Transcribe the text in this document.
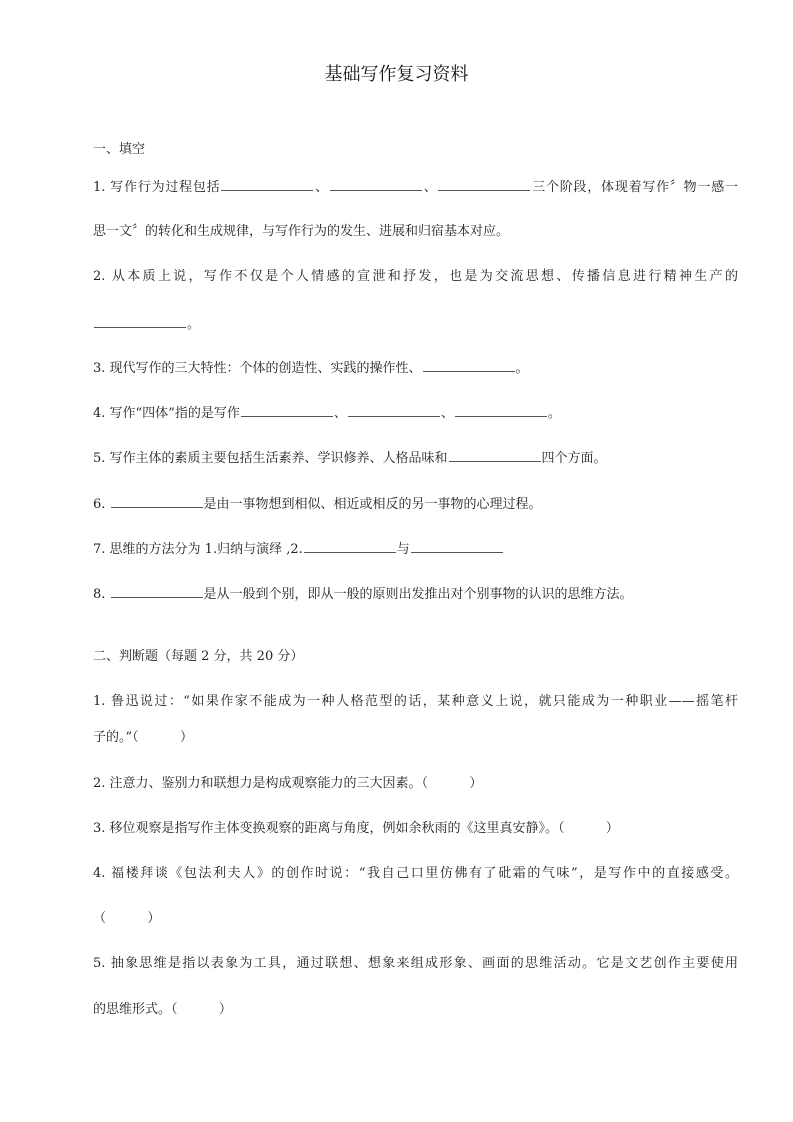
基础写作复习资料
一、填空
1. 写作行为过程包括	、	、	三个阶段，体现着写作〞物一感一
思一文〞的转化和生成规律，与写作行为的发生、进展和归宿基本对应。
2. 从本质上说，写作不仅是个人情感的宣泄和抒发，也是为交流思想、传播信息进行精神生产的
。
3. 现代写作的三大特性：个体的创造性、实践的操作性、	。
4. 写作“四体”指的是写作	、	、	。
5. 写作主体的素质主要包括生活素养、学识修养、人格品味和	四个方面。
6.	是由一事物想到相似、相近或相反的另一事物的心理过程。
7. 思维的方法分为 1.归纳与演绎 ,2.	与
8.	是从一般到个别，即从一般的原则出发推出对个别事物的认识的思维方法。
二、判断题（每题 2 分，共 20 分）
1. 鲁迅说过：“如果作家不能成为一种人格范型的话，某种意义上说，就只能成为一种职业——摇笔杆
子的。”（          ）
2. 注意力、鉴别力和联想力是构成观察能力的三大因素。（          ）
3. 移位观察是指写作主体变换观察的距离与角度，例如余秋雨的《这里真安静》。（          ）
4. 福楼拜谈《包法利夫人》的创作时说：“我自己口里仿佛有了砒霜的气味”，是写作中的直接感受。
（          ）
5. 抽象思维是指以表象为工具，通过联想、想象来组成形象、画面的思维活动。它是文艺创作主要使用
的思维形式。（          ）
